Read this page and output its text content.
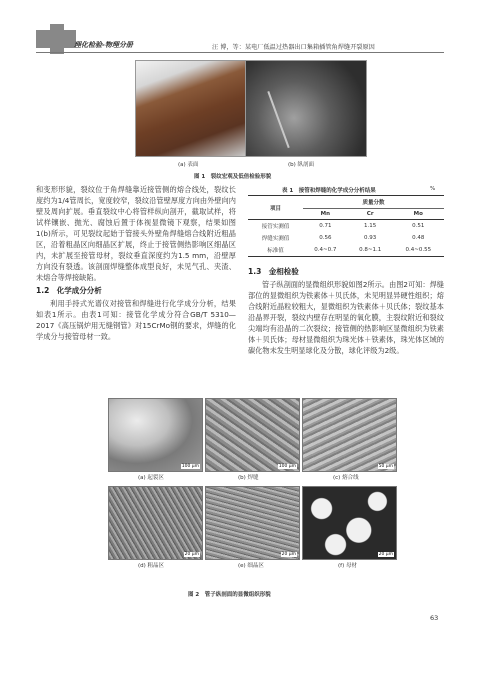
理化检验-物理分册	汪 博，等：某电厂低温过热器出口集箱插管角焊缝开裂原因
(a) 表面	(b) 纵剖面
图 1　裂纹宏观及低倍检验形貌

和变形形貌，裂纹位于角焊缝靠近接管侧的熔合线处，裂纹长度约为1/4管周长，宽度较窄，裂纹沿管壁厚度方向由外壁向内壁及周向扩展。垂直裂纹中心将管样纵向剖开，截取试样，将试样镶嵌、抛光、腐蚀后置于体视显微镜下观察，结果如图1(b)所示，可见裂纹起始于管接头外壁角焊缝熔合线附近粗晶区，沿着粗晶区向细晶区扩展，终止于接管侧热影响区细晶区内，未扩展至接管母材，裂纹垂直深度约为1.5 mm，沿壁厚方向没有裂透。该剖面焊缝整体成型良好，未见气孔、夹渣、未熔合等焊接缺陷。

1.2　化学成分分析

利用手持式光谱仪对接管和焊缝进行化学成分分析，结果如表1所示。由表1可知：接管化学成分符合GB/T 5310—2017《高压锅炉用无缝钢管》对15CrMo钢的要求，焊缝的化学成分与接管母材一致。

表 1　接管和焊缝的化学成分分析结果	%
项目	质量分数		
	Mn	Cr	Mo
接管实测值	0.71	1.15	0.51
焊缝实测值	0.56	0.93	0.48
标准值	0.4~0.7	0.8~1.1	0.4~0.55
1.3　金相检验

管子纵剖面的显微组织形貌如图2所示。由图2可知：焊缝部位的显微组织为铁素体＋贝氏体，未见明显异硬性组织；熔合线附近晶粒较粗大，显微组织为铁素体＋贝氏体；裂纹基本沿晶界开裂，裂纹内壁存在明显的氧化膜，主裂纹附近和裂纹尖端均有沿晶的二次裂纹；接管侧的热影响区显微组织为铁素体＋贝氏体；母材显微组织为珠光体＋铁素体，珠光体区域的碳化物未发生明显球化及分散，球化评级为2级。

100 μm	100 μm	50 μm
(a) 起裂区	(b) 焊缝	(c) 熔合线
20 μm	20 μm	20 μm
(d) 粗晶区	(e) 细晶区	(f) 母材
图 2　管子纵剖面的显微组织形貌
63
